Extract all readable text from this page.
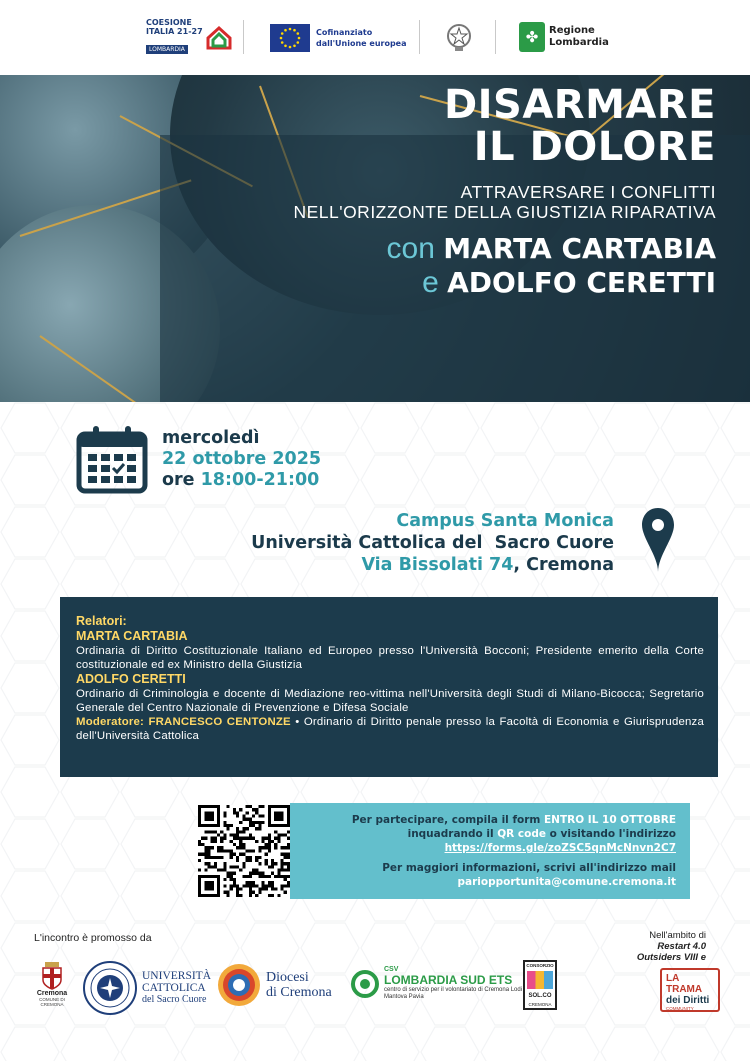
COESIONE
ITALIA 21-27
LOMBARDIA
Cofinanziato
dall'Unione europea	✤	Regione
Lombardia
DISARMARE
IL DOLORE
ATTRAVERSARE I CONFLITTI
NELL'ORIZZONTE DELLA GIUSTIZIA RIPARATIVA
con MARTA CARTABIA
e ADOLFO CERETTI
mercoledì
22 ottobre 2025
ore 18:00-21:00
Campus Santa Monica
Università Cattolica del  Sacro Cuore
Via Bissolati 74, Cremona
Relatori:
MARTA CARTABIA
Ordinaria di Diritto Costituzionale Italiano ed Europeo presso l'Università Bocconi; Presidente emerito della Corte costituzionale ed ex Ministro della Giustizia
ADOLFO CERETTI
Ordinario di Criminologia e docente di Mediazione reo-vittima nell'Università degli Studi di Milano-Bicocca; Segretario Generale del Centro Nazionale di Prevenzione e Difesa Sociale
Moderatore: FRANCESCO CENTONZE • Ordinario di Diritto penale presso la Facoltà di Economia e Giurisprudenza dell'Università Cattolica

Per partecipare, compila il form ENTRO IL 10 OTTOBRE

inquadrando il QR code o visitando l'indirizzo

https://forms.gle/zoZSC5qnMcNnvn2C7

Per maggiori informazioni, scrivi all'indirizzo mail

pariopportunita@comune.cremona.it

L'incontro è promosso da	Nell'ambito di
Restart 4.0
Outsiders VIII e
Cremona
COMUNE DI CREMONA
UNIVERSITÀ
CATTOLICA
del Sacro Cuore
Diocesi
di Cremona
CSV
LOMBARDIA SUD ETS
centro di servizio per il volontariato di Cremona Lodi Mantova Pavia
CONSORZIO
SOL.CO
CREMONA
LA TRAMA
dei Diritti
COMMUNITY
